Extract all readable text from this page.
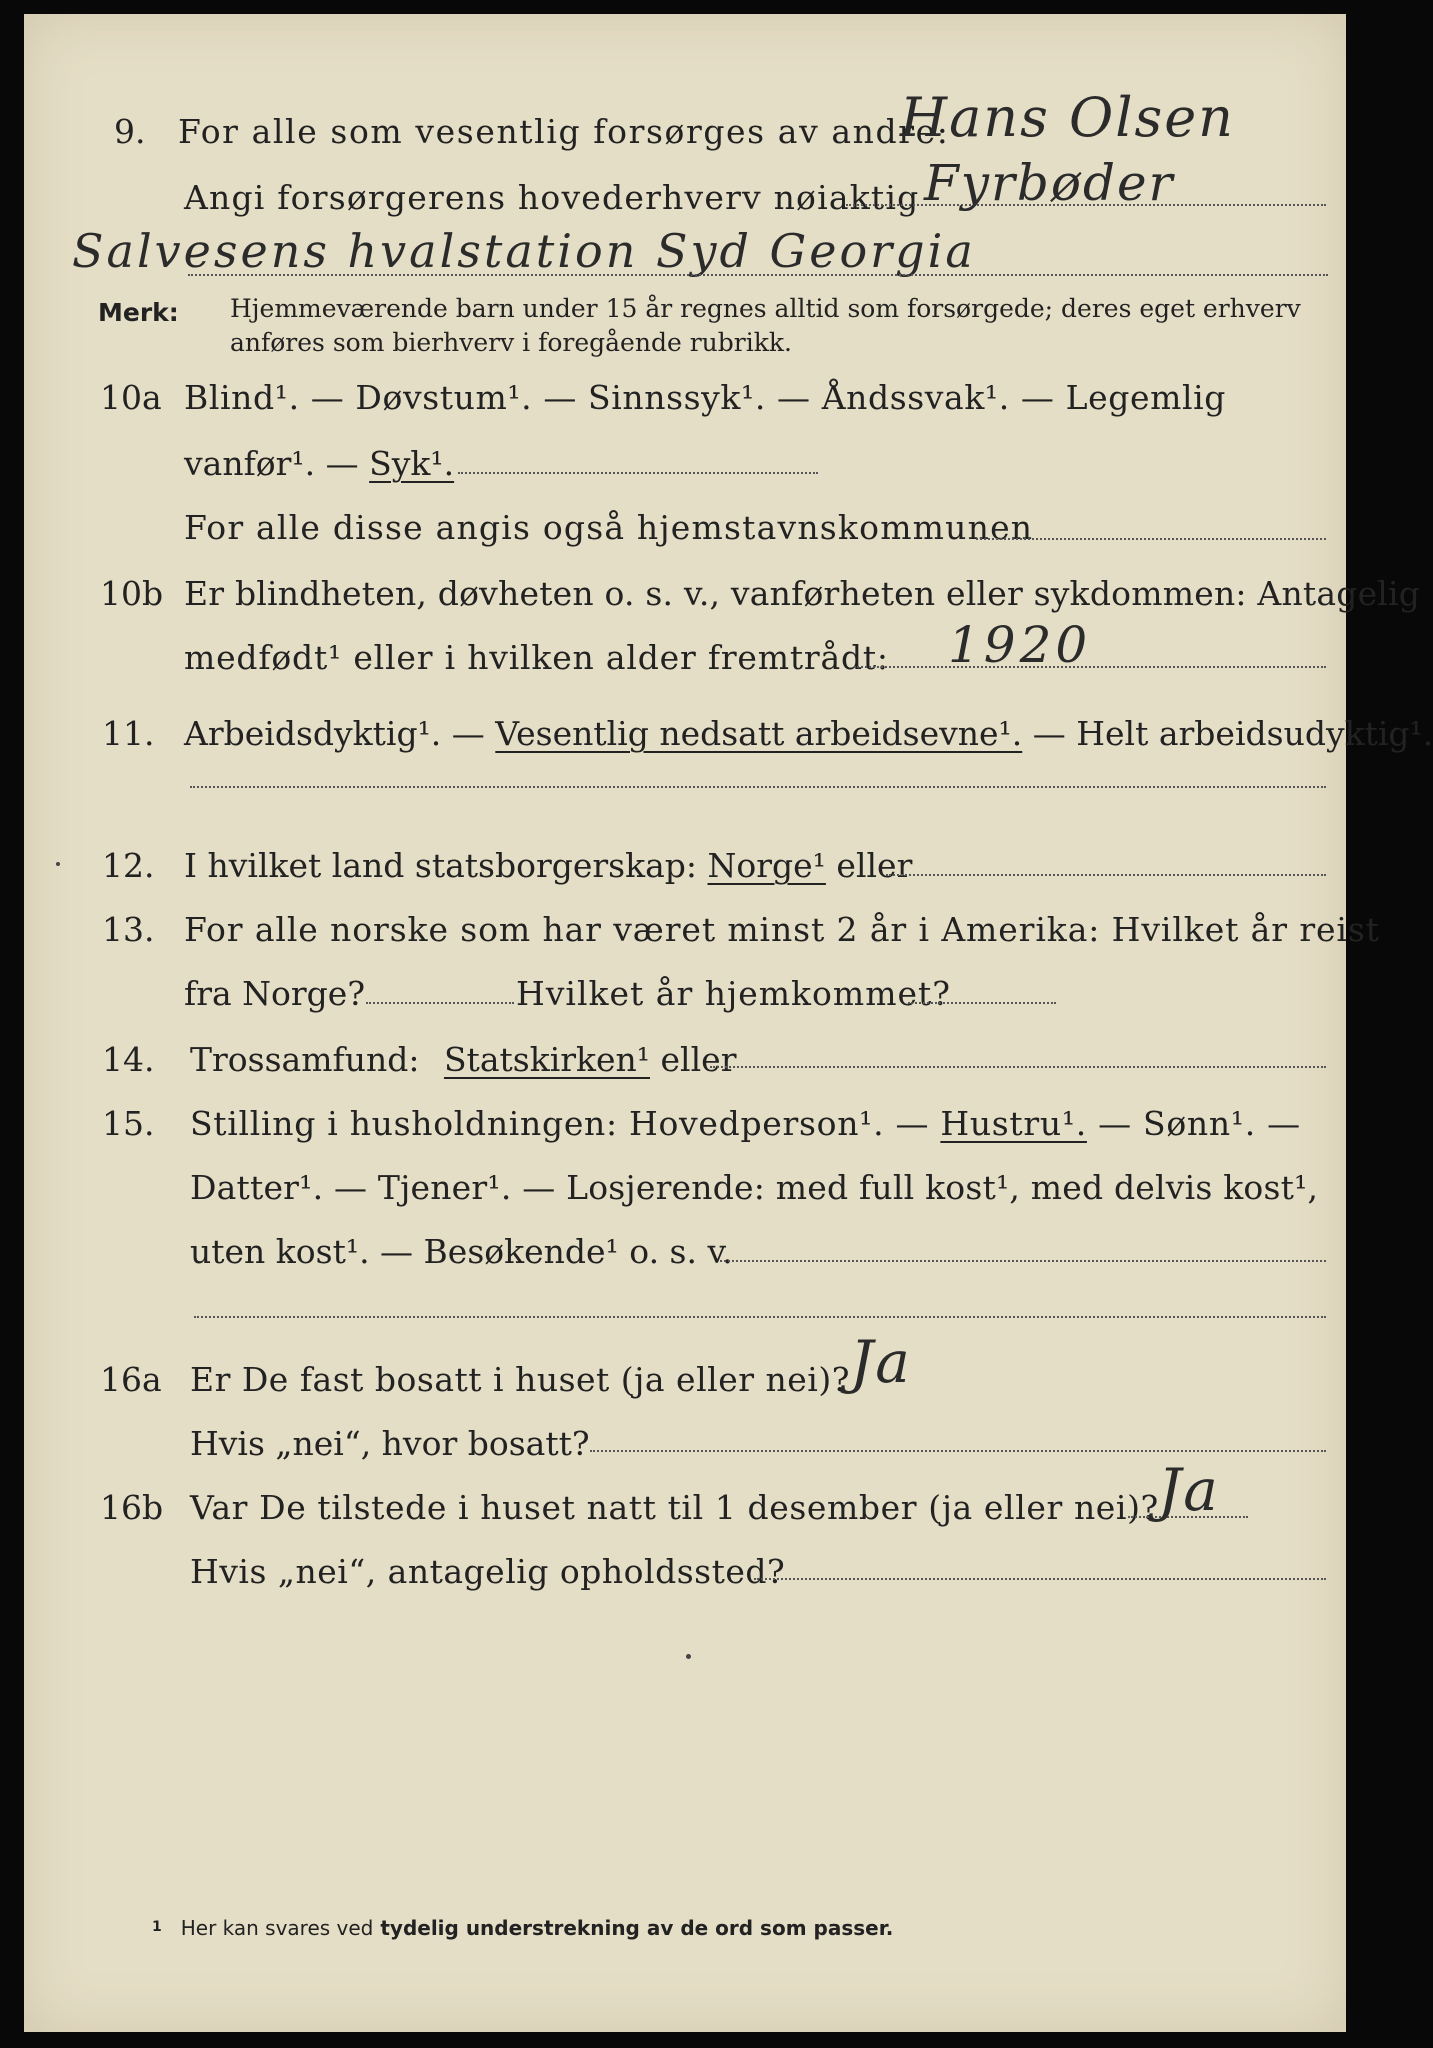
9. For alle som vesentlig forsørges av andre:
Hans Olsen
Angi forsørgerens hovederhverv nøiaktig Fyrbøder
Salvesens hvalstation Syd Georgia
Merk: Hjemmeværende barn under 15 år regnes alltid som forsørgede; deres eget erhverv
anføres som bierhverv i foregående rubrikk.
10a Blind¹. — Døvstum¹. — Sinnssyk¹. — Åndssvak¹. — Legemlig
vanfør¹. — Syk¹.
For alle disse angis også hjemstavnskommunen
10b Er blindheten, døvheten o. s. v., vanførheten eller sykdommen: Antagelig
medfødt¹ eller i hvilken alder fremtrådt: 1920
11. Arbeidsdyktig¹. — Vesentlig nedsatt arbeidsevne¹. — Helt arbeidsudyktig¹.
12. I hvilket land statsborgerskap: Norge¹ eller
13. For alle norske som har været minst 2 år i Amerika: Hvilket år reist
fra Norge?	Hvilket år hjemkommet?
14. Trossamfund: Statskirken¹ eller
15. Stilling i husholdningen: Hovedperson¹. — Hustru¹. — Sønn¹. —
Datter¹. — Tjener¹. — Losjerende: med full kost¹, med delvis kost¹,
uten kost¹. — Besøkende¹ o. s. v.
16a Er De fast bosatt i huset (ja eller nei)? Ja
Hvis „nei“, hvor bosatt?
16b Var De tilstede i huset natt til 1 desember (ja eller nei)? Ja
Hvis „nei“, antagelig opholdssted?
$^1$ Her kan svares ved tydelig understrekning av de ord som passer.
